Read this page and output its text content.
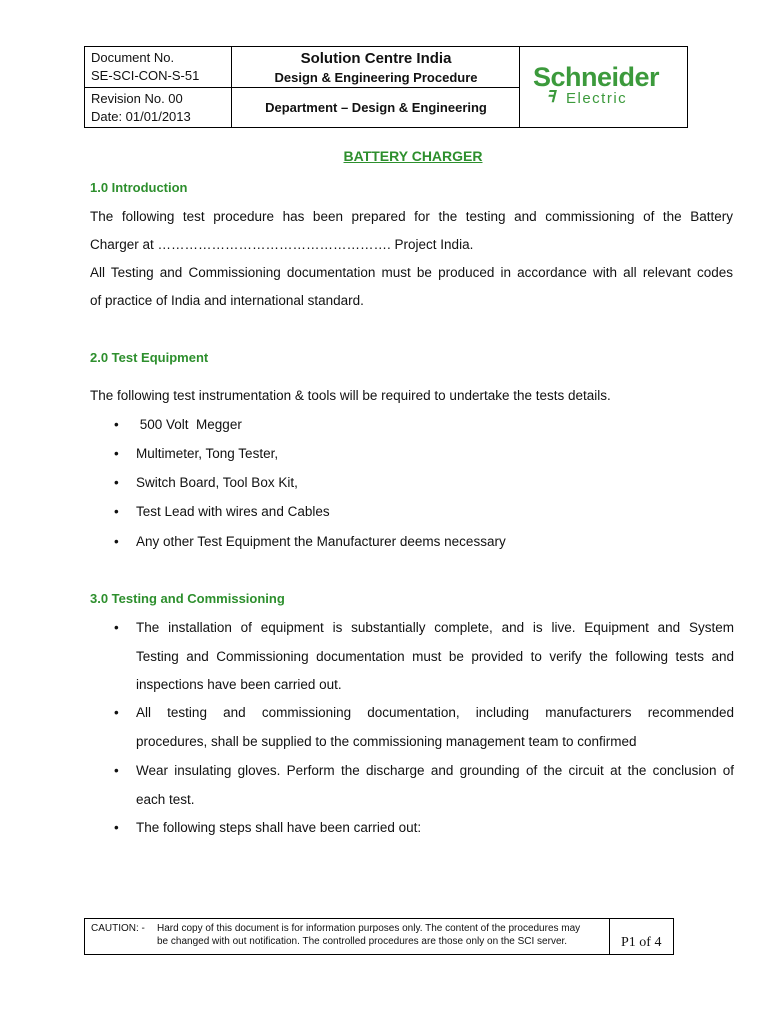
Document No.
SE-SCI-CON-S-51
Revision No. 00
Date: 01/01/2013
Solution Centre India
Design & Engineering Procedure
Department – Design & Engineering
Schneider
ꟻ Electric
BATTERY CHARGER
1.0 Introduction
The following test procedure has been prepared for the testing and commissioning of the Battery
Charger at ……………………………………………. Project India.
All Testing and Commissioning documentation must be produced in accordance with all relevant codes
of practice of India and international standard.
2.0 Test Equipment
The following test instrumentation & tools will be required to undertake the tests details.
• 500 Volt  Megger
• Multimeter, Tong Tester,
• Switch Board, Tool Box Kit,
• Test Lead with wires and Cables
• Any other Test Equipment the Manufacturer deems necessary
3.0 Testing and Commissioning
• The installation of equipment is substantially complete, and is live. Equipment and System
Testing and Commissioning documentation must be provided to verify the following tests and
inspections have been carried out.
• All testing and commissioning documentation, including manufacturers recommended
procedures, shall be supplied to the commissioning management team to confirmed
• Wear insulating gloves. Perform the discharge and grounding of the circuit at the conclusion of
each test.
• The following steps shall have been carried out:
CAUTION: - Hard copy of this document is for information purposes only. The content of the procedures may
be changed with out notification. The controlled procedures are those only on the SCI server.	P1 of 4
